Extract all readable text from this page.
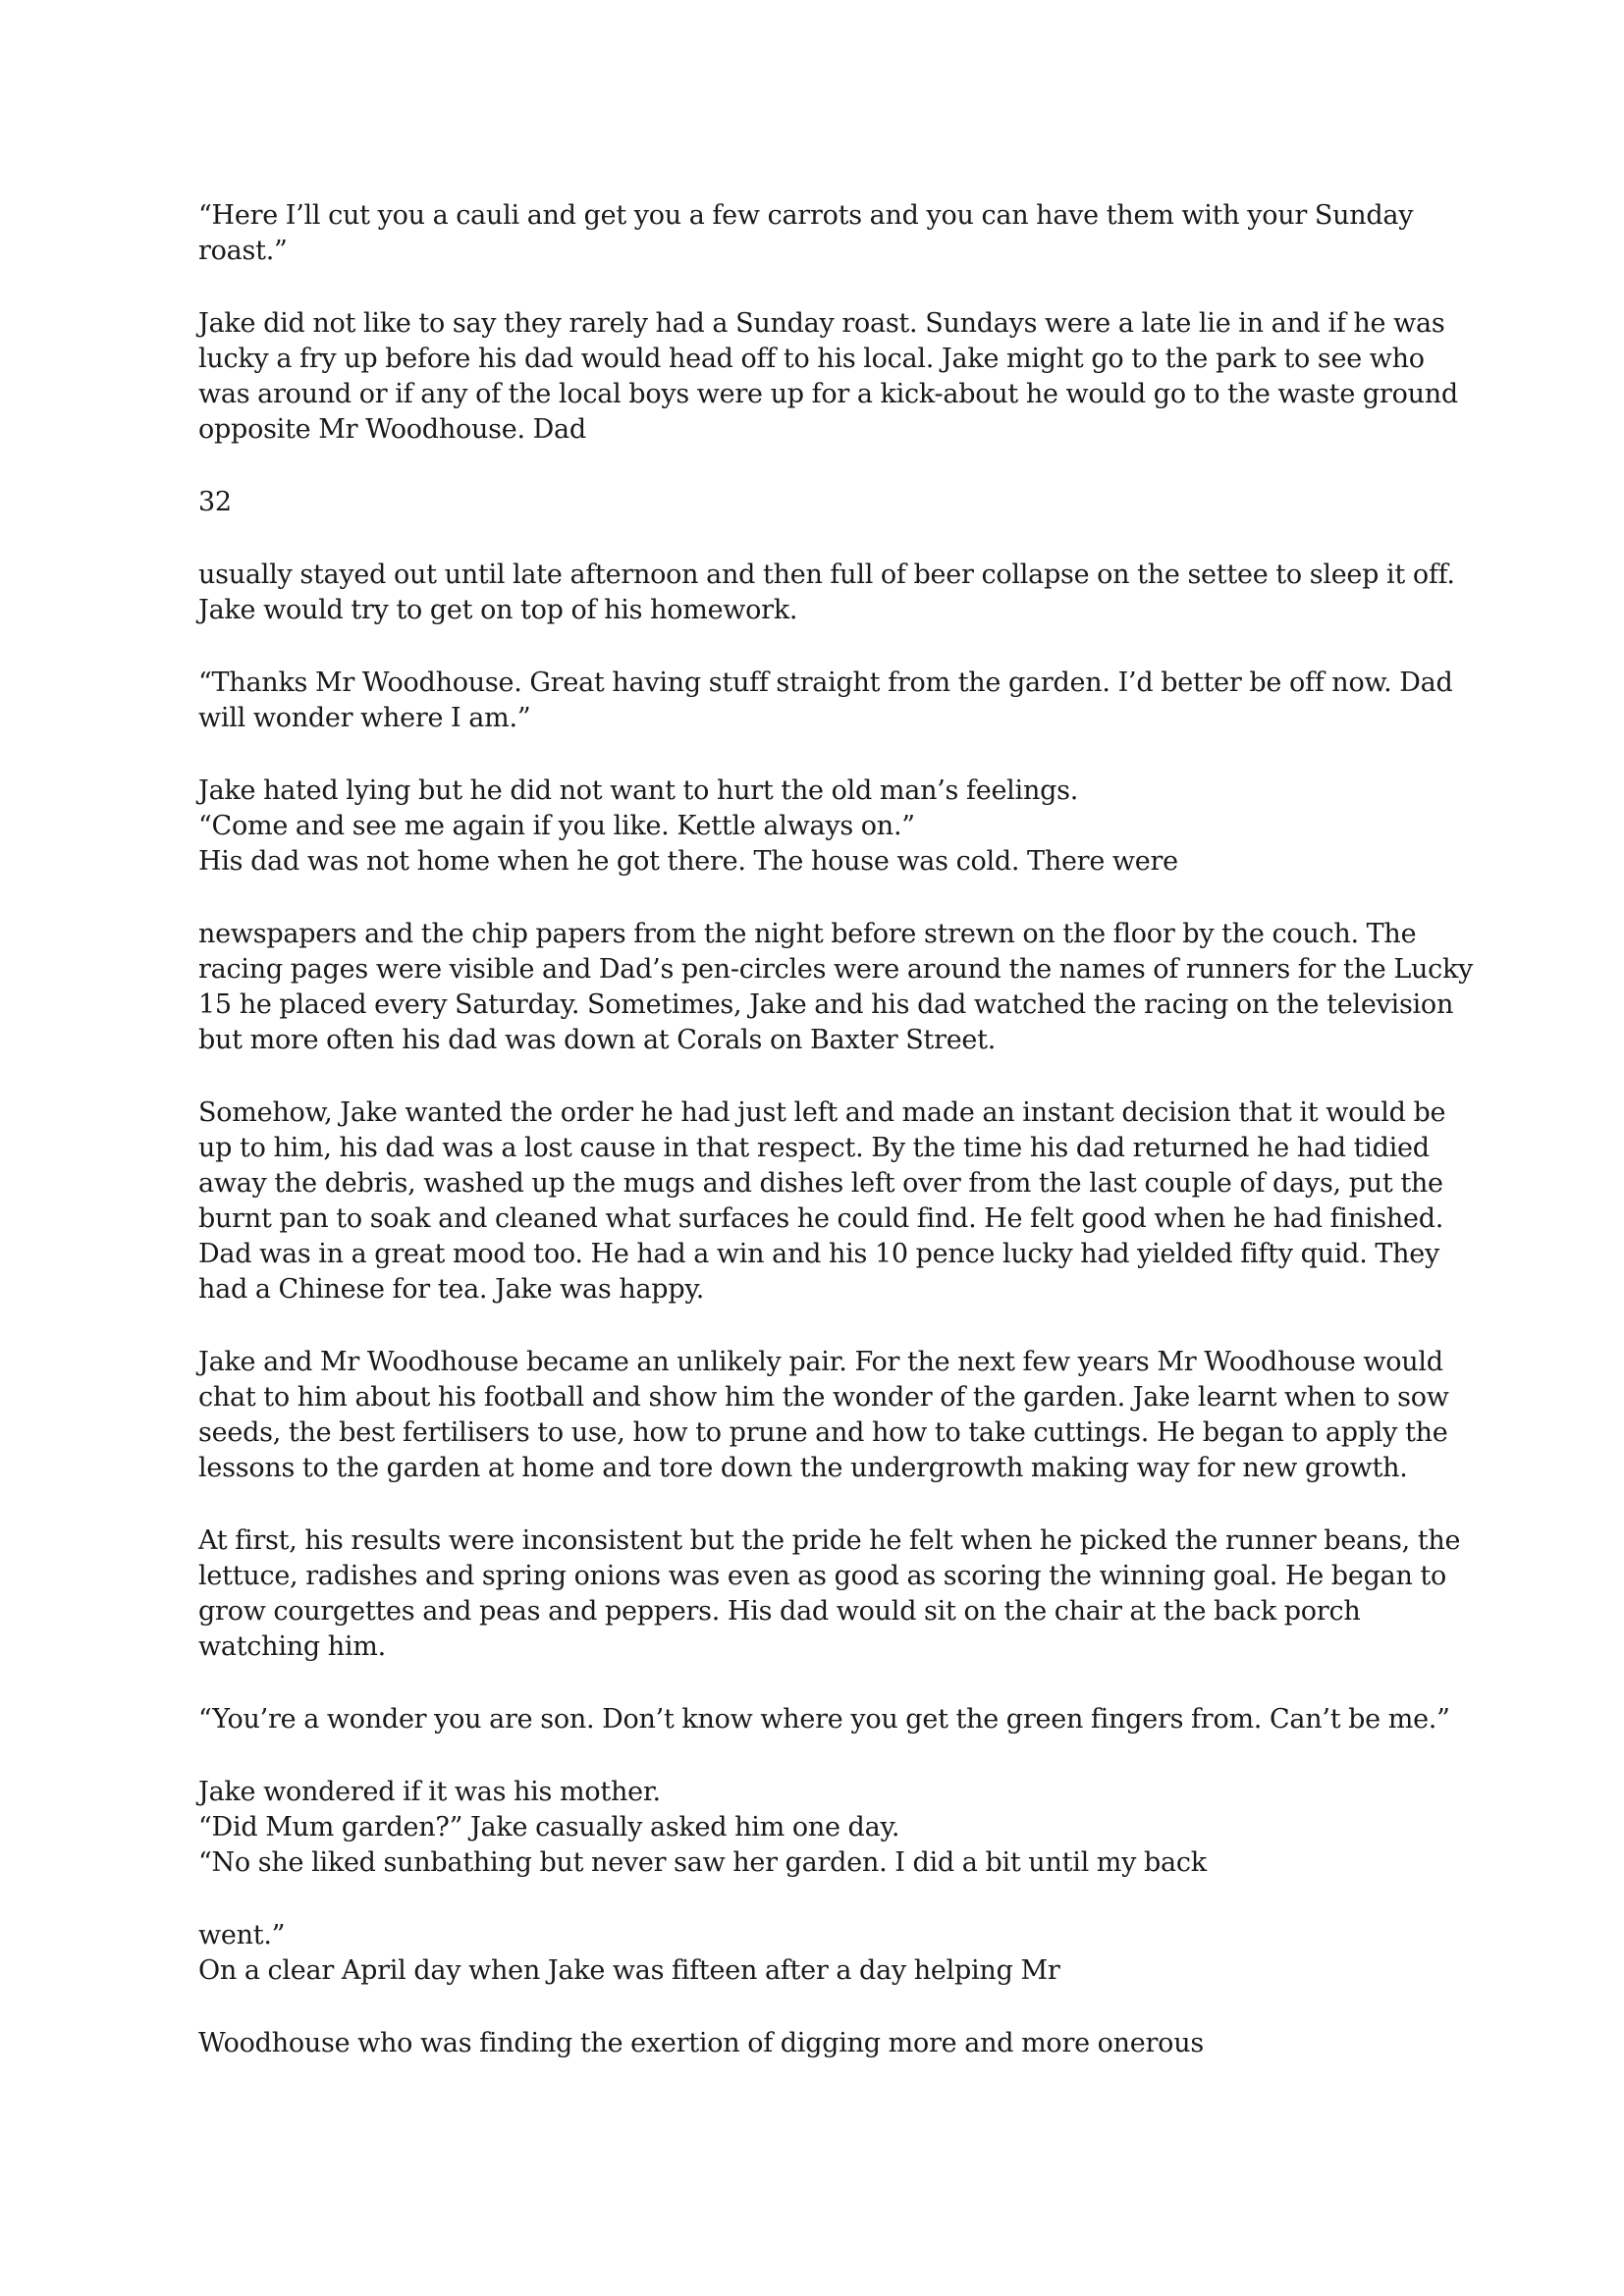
“Here I’ll cut you a cauli and get you a few carrots and you can have them with your Sunday
roast.”

Jake did not like to say they rarely had a Sunday roast. Sundays were a late lie in and if he was
lucky a fry up before his dad would head off to his local. Jake might go to the park to see who
was around or if any of the local boys were up for a kick-about he would go to the waste ground
opposite Mr Woodhouse. Dad

32

usually stayed out until late afternoon and then full of beer collapse on the settee to sleep it off.
Jake would try to get on top of his homework.

“Thanks Mr Woodhouse. Great having stuff straight from the garden. I’d better be off now. Dad
will wonder where I am.”

Jake hated lying but he did not want to hurt the old man’s feelings.
“Come and see me again if you like. Kettle always on.”
His dad was not home when he got there. The house was cold. There were

newspapers and the chip papers from the night before strewn on the floor by the couch. The
racing pages were visible and Dad’s pen-circles were around the names of runners for the Lucky
15 he placed every Saturday. Sometimes, Jake and his dad watched the racing on the television
but more often his dad was down at Corals on Baxter Street.

Somehow, Jake wanted the order he had just left and made an instant decision that it would be
up to him, his dad was a lost cause in that respect. By the time his dad returned he had tidied
away the debris, washed up the mugs and dishes left over from the last couple of days, put the
burnt pan to soak and cleaned what surfaces he could find. He felt good when he had finished.
Dad was in a great mood too. He had a win and his 10 pence lucky had yielded fifty quid. They
had a Chinese for tea. Jake was happy.

Jake and Mr Woodhouse became an unlikely pair. For the next few years Mr Woodhouse would
chat to him about his football and show him the wonder of the garden. Jake learnt when to sow
seeds, the best fertilisers to use, how to prune and how to take cuttings. He began to apply the
lessons to the garden at home and tore down the undergrowth making way for new growth.

At first, his results were inconsistent but the pride he felt when he picked the runner beans, the
lettuce, radishes and spring onions was even as good as scoring the winning goal. He began to
grow courgettes and peas and peppers. His dad would sit on the chair at the back porch
watching him.

“You’re a wonder you are son. Don’t know where you get the green fingers from. Can’t be me.”

Jake wondered if it was his mother.
“Did Mum garden?” Jake casually asked him one day.
“No she liked sunbathing but never saw her garden. I did a bit until my back

went.”
On a clear April day when Jake was fifteen after a day helping Mr

Woodhouse who was finding the exertion of digging more and more onerous
